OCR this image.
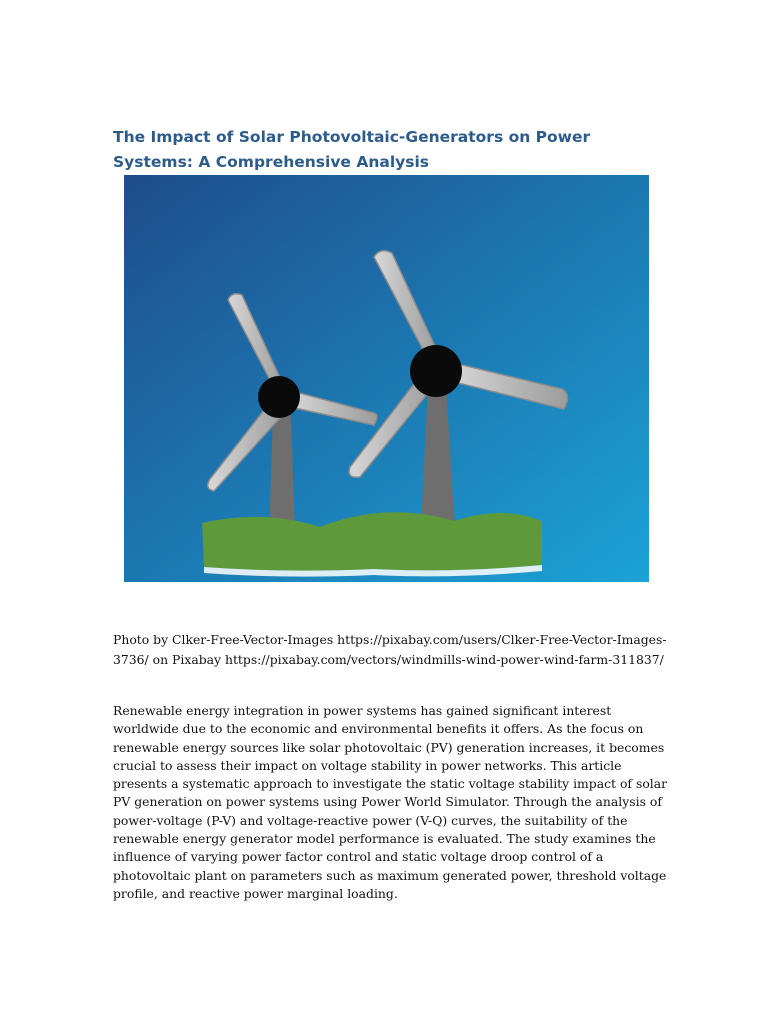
The Impact of Solar Photovoltaic-Generators on Power Systems: A Comprehensive Analysis

Photo by Clker-Free-Vector-Images https://pixabay.com/users/Clker-Free-Vector-Images-3736/ on Pixabay https://pixabay.com/vectors/windmills-wind-power-wind-farm-311837/

Renewable energy integration in power systems has gained significant interest worldwide due to the economic and environmental benefits it offers. As the focus on renewable energy sources like solar photovoltaic (PV) generation increases, it becomes crucial to assess their impact on voltage stability in power networks. This article presents a systematic approach to investigate the static voltage stability impact of solar PV generation on power systems using Power World Simulator. Through the analysis of power-voltage (P-V) and voltage-reactive power (V-Q) curves, the suitability of the renewable energy generator model performance is evaluated. The study examines the influence of varying power factor control and static voltage droop control of a photovoltaic plant on parameters such as maximum generated power, threshold voltage profile, and reactive power marginal loading.
